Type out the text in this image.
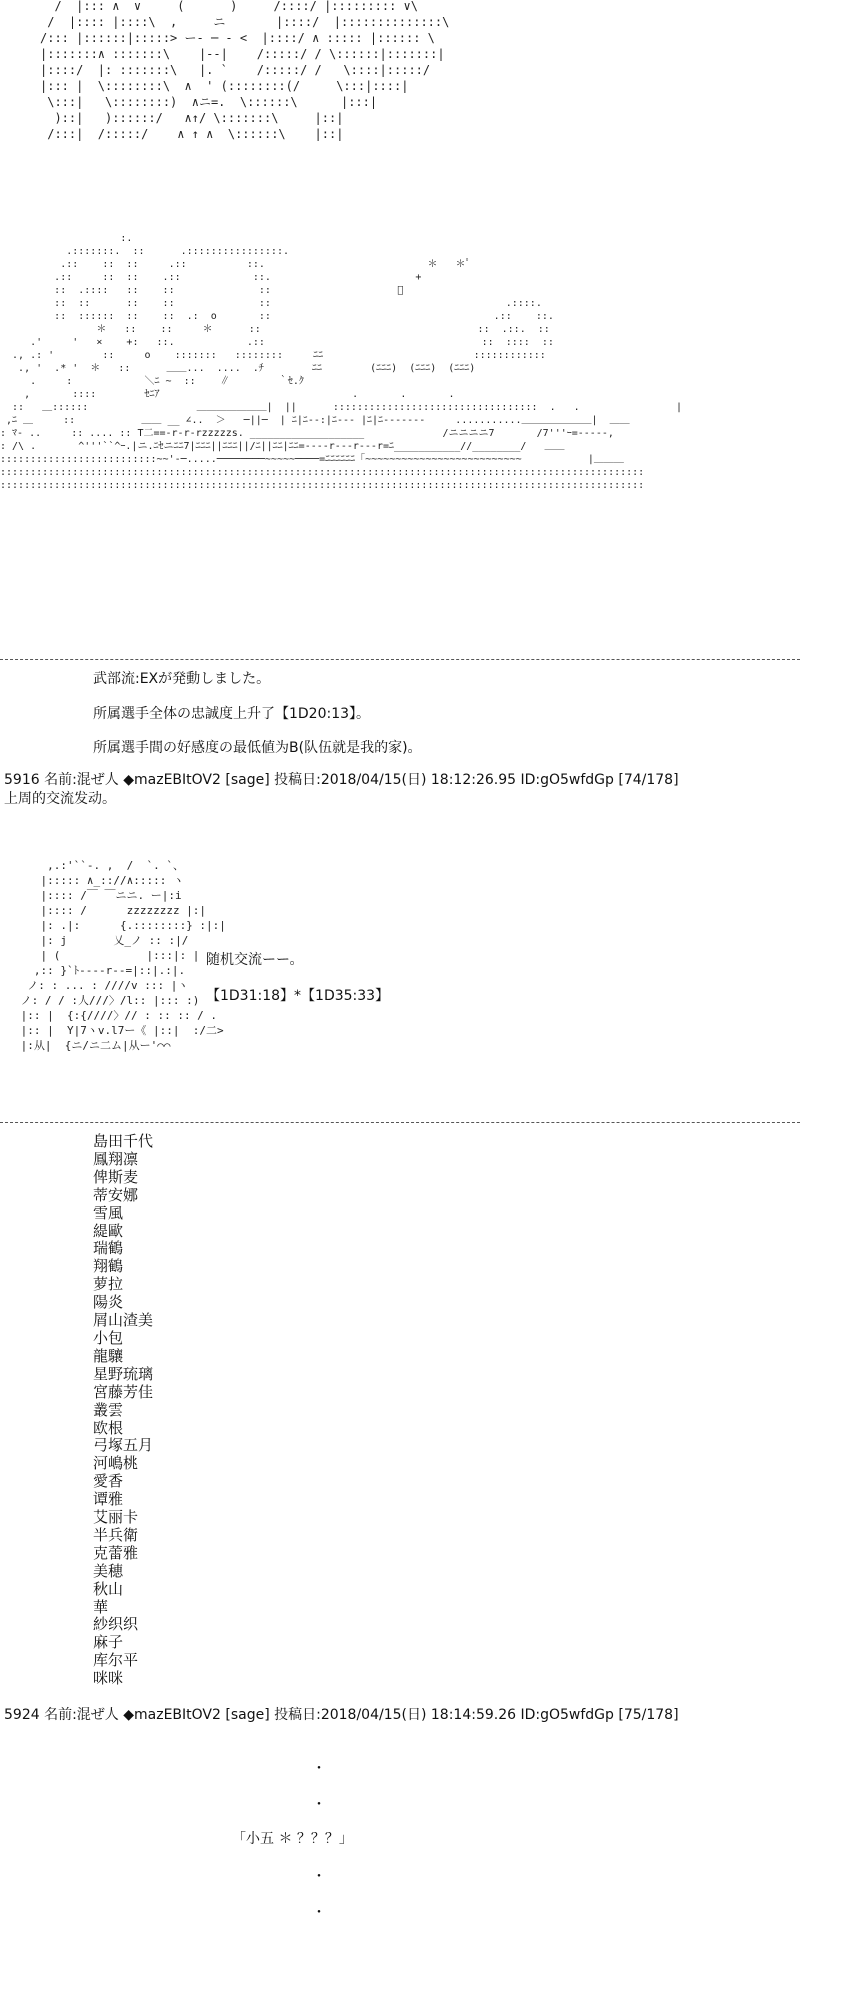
/  |::: ∧  ∨     ( ￣ ￣ )     /::::/ |::::::::: ∨\
/  |:::: |::::\  ,     ニ       |::::/  |::::::::::::::\
/::: |::::::|:::::> ー‐ ─ ‐ <  |::::/ ∧ ::::: |:::::: \
|:::::::∧ :::::::\    |‐‐|    /:::::/ / \::::::|:::::::|
|::::/  |: :::::::\   |. `    /:::::/ /   \::::|:::::/
|::: |  \::::::::\  ∧  ' (::::::::(/     \:::|::::|
\:::|   \::::::::)  ∧ニ=.  \::::::\      |:::|
)::|   )::::::/   ∧↑/ \:::::::\     |::|
/:::|  /:::::/    ∧ ↑ ∧  \::::::\    |::|
:.
.:::::::.  ::      .::::::::::::::::.
.::    ::  ::     .::          ::.                           ＊   ＊ﾟ
.::     ::  ::    .::            ::.                        +
::  .::::   ::    ::              ::                     ﾟ
::  ::      ::    ::              ::                                       .::::.
::  ::::::  ::    ::  .:  o       ::                                     .::    ::.
＊   ::    ::     ＊      ::                                    ::  .::.  ::
.'     '   ×    +:   ::.            .::                                    ::  ::::  ::
., .: '        ::     o    :::::::   ::::::::     ﾆﾆ                         ::::::::::::
., '  .* '  ＊   ::      ＿＿...  ....  .ﾁ        ﾆﾆ        (ﾆﾆﾆ)  (ﾆﾆﾆ)  (ﾆﾆﾆ)
.     :            ＼ﾆ ~  ::    ∥        ｀ｾ.ｸ
,       ::::        ｾﾆｱ                                .       .       .
::   ＿::::::                  ＿＿＿＿＿＿＿|  ||      ::::::::::::::::::::::::::::::::::  .   .                |
,ﾆ ＿     ::           ＿＿ __ ∠..  ＞   ─||─  | ﾆ|ﾆ--:|ﾆ--- |ﾆ|ﾆ-------     ...........＿＿＿＿＿＿＿|  ＿＿
: ﾏ- ..     :: .... :: T二==-r-r-rzzzzzs. ___________________             /ニニニニ7       /7'''ｰ=-----,
: /\ .       ^'''``^ｰ.|ニ.ﾆｾニﾆﾆ7|ﾆﾆﾆ||ﾆﾆﾆ||/ﾆ||ﾆﾆ|ﾆﾆ=----r---r---r=ﾆ___________//________/   ＿＿
::::::::::::::::::::::::::~~'-─.....────────~~~~~────=ﾆﾆﾆﾆﾆﾆ「~~~~~~~~~~~~~~~~~~~~~~~~~~           |＿＿＿
:::::::::::::::::::::::::::::::::::::::::::::::::::::::::::::::::::::::::::::::::::::::::::::::::::::::::::
:::::::::::::::::::::::::::::::::::::::::::::::::::::::::::::::::::::::::::::::::::::::::::::::::::::::::::
武部流:EXが発動しました。
所属選手全体の忠誠度上升了【1D20:13】。
所属選手間の好感度の最低値为B(队伍就是我的家)。
5916 名前:混ぜ人 ◆mazEBItOV2 [sage] 投稿日:2018/04/15(日) 18:12:26.95 ID:gO5wfdGp [74/178]
上周的交流发动。
,.:'``-. ,  /  `. `、
|::::: ∧_:://∧::::: ヽ
|:::: /￣ ￣ニニ. ー|:i
|:::: /      zzzzzzzz |:|
|: .|:      {.::::::::} :|:|
|: j       乂_ノ :: :|/
| (             |:::|: |
,:: }`ﾄ----r--=|::|.:|.
ノ: : ... : ////v ::: |ヽ
ノ: / / :人///〉/l:: |::: :)
|:: |  {:{////〉// : :: :: / .
|:: |  Y|7ヽv.l7ー《 |::|  :/二>
|:从|  {ニ/ニ二ム|从ー'⌒⌒
随机交流ーー。
【1D31:18】*【1D35:33】
島田千代
鳳翔凛
俾斯麦
蒂安娜
雪風
緹歐
瑞鶴
翔鶴
萝拉
陽炎
屑山渣美
小包
龍驤
星野琉璃
宮藤芳佳
叢雲
欧根
弓塚五月
河嶋桃
愛香
谭雅
艾丽卡
半兵衛
克蕾雅
美穂
秋山
華
紗织织
麻子
库尔平
咪咪
5924 名前:混ぜ人 ◆mazEBItOV2 [sage] 投稿日:2018/04/15(日) 18:14:59.26 ID:gO5wfdGp [75/178]
・
・
「小五 ＊ ？？？」
・
・
